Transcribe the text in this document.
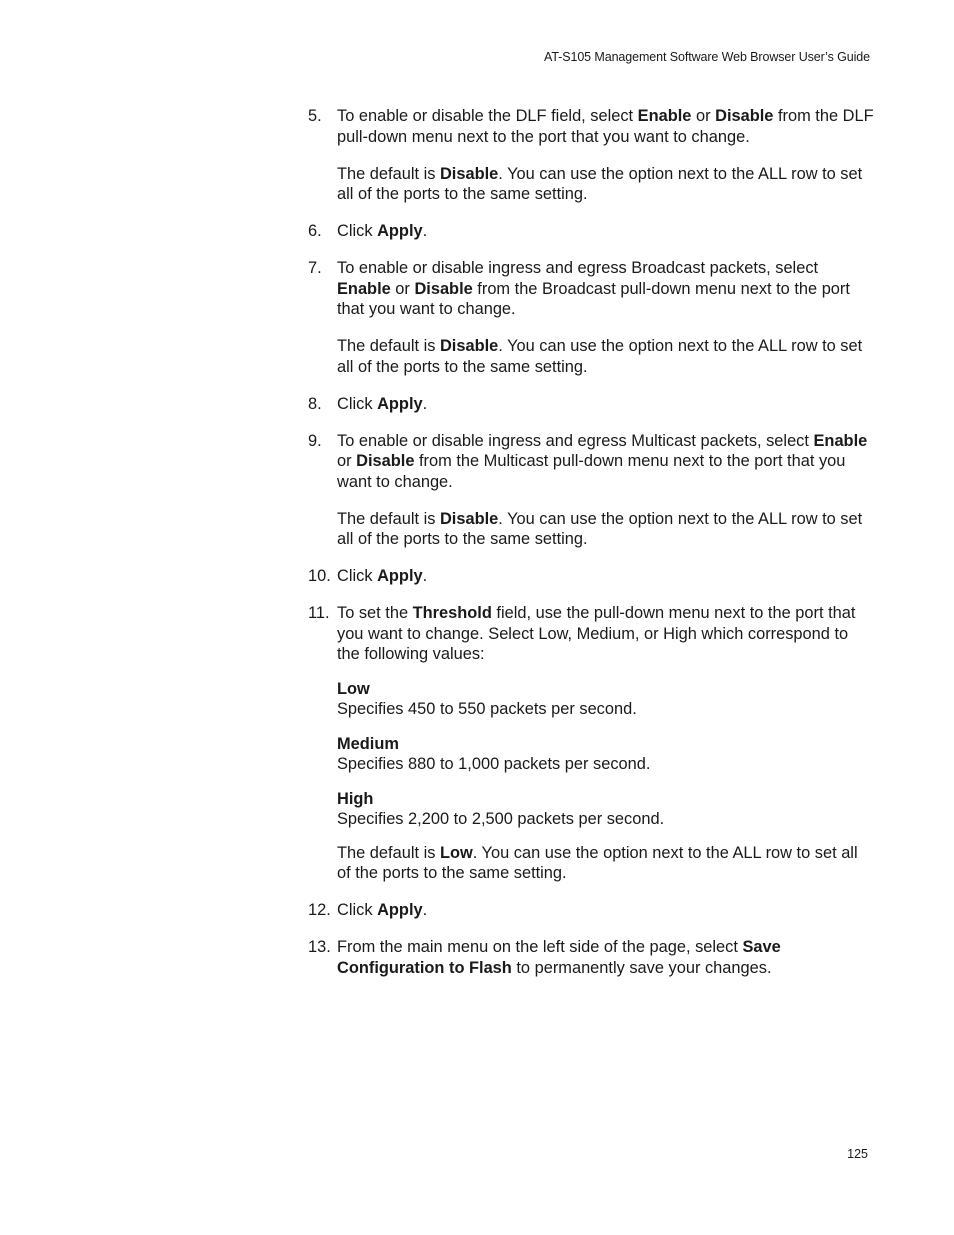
AT-S105 Management Software Web Browser User’s Guide
5. To enable or disable the DLF field, select Enable or Disable from the DLF pull-down menu next to the port that you want to change.

The default is Disable. You can use the option next to the ALL row to set all of the ports to the same setting.

6. Click Apply.

7. To enable or disable ingress and egress Broadcast packets, select Enable or Disable from the Broadcast pull-down menu next to the port that you want to change.

The default is Disable. You can use the option next to the ALL row to set all of the ports to the same setting.

8. Click Apply.

9. To enable or disable ingress and egress Multicast packets, select Enable or Disable from the Multicast pull-down menu next to the port that you want to change.

The default is Disable. You can use the option next to the ALL row to set all of the ports to the same setting.

10. Click Apply.

11. To set the Threshold field, use the pull-down menu next to the port that you want to change. Select Low, Medium, or High which correspond to the following values:

Low
Specifies 450 to 550 packets per second.
Medium
Specifies 880 to 1,000 packets per second.
High
Specifies 2,200 to 2,500 packets per second.

The default is Low. You can use the option next to the ALL row to set all of the ports to the same setting.

12. Click Apply.

13. From the main menu on the left side of the page, select Save Configuration to Flash to permanently save your changes.

125
